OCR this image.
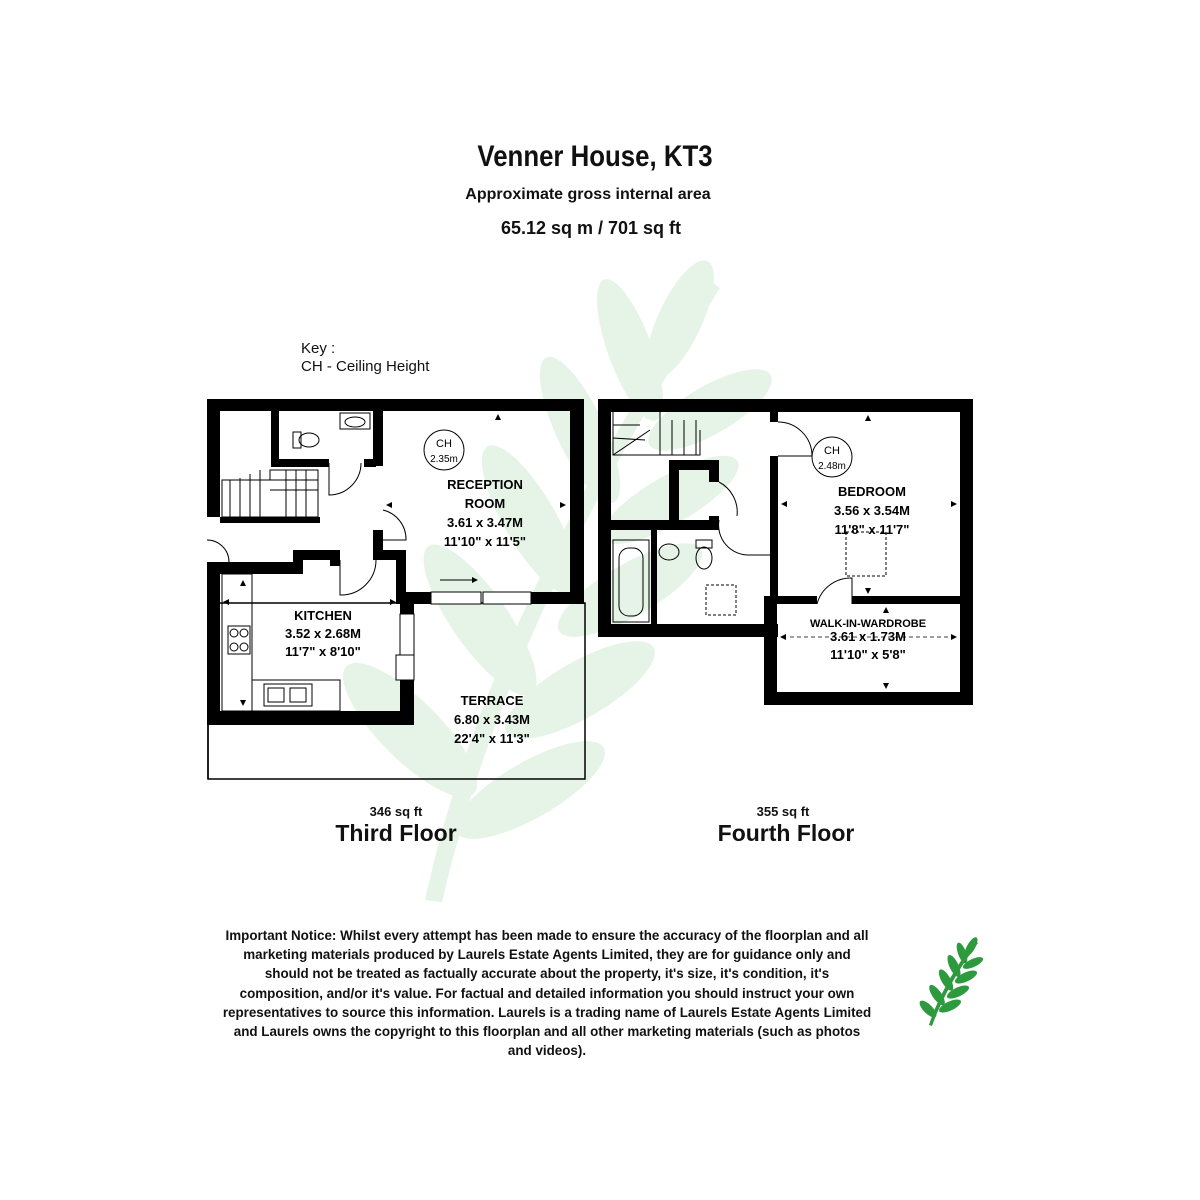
Venner House, KT3
Approximate gross internal area
65.12 sq m / 701 sq ft
Key :
CH - Ceiling Height
CH
2.35m
RECEPTION
ROOM
3.61 x 3.47M
11'10" x 11'5"
KITCHEN
3.52 x 2.68M
11'7" x 8'10"
TERRACE
6.80 x 3.43M
22'4" x 11'3"
CH
2.48m
BEDROOM
3.56 x 3.54M
11'8" x 11'7"
WALK-IN-WARDROBE
3.61 x 1.73M
11'10" x 5'8"
346 sq ft
Third Floor
355 sq ft
Fourth Floor
Important Notice: Whilst every attempt has been made to ensure the accuracy of the floorplan and all marketing materials produced by Laurels Estate Agents Limited, they are for guidance only and should not be treated as factually accurate about the property, it's size, it's condition, it's composition, and/or it's value. For factual and detailed information you should instruct your own representatives to source this information. Laurels is a trading name of Laurels Estate Agents Limited and Laurels owns the copyright to this floorplan and all other marketing materials (such as photos and videos).
